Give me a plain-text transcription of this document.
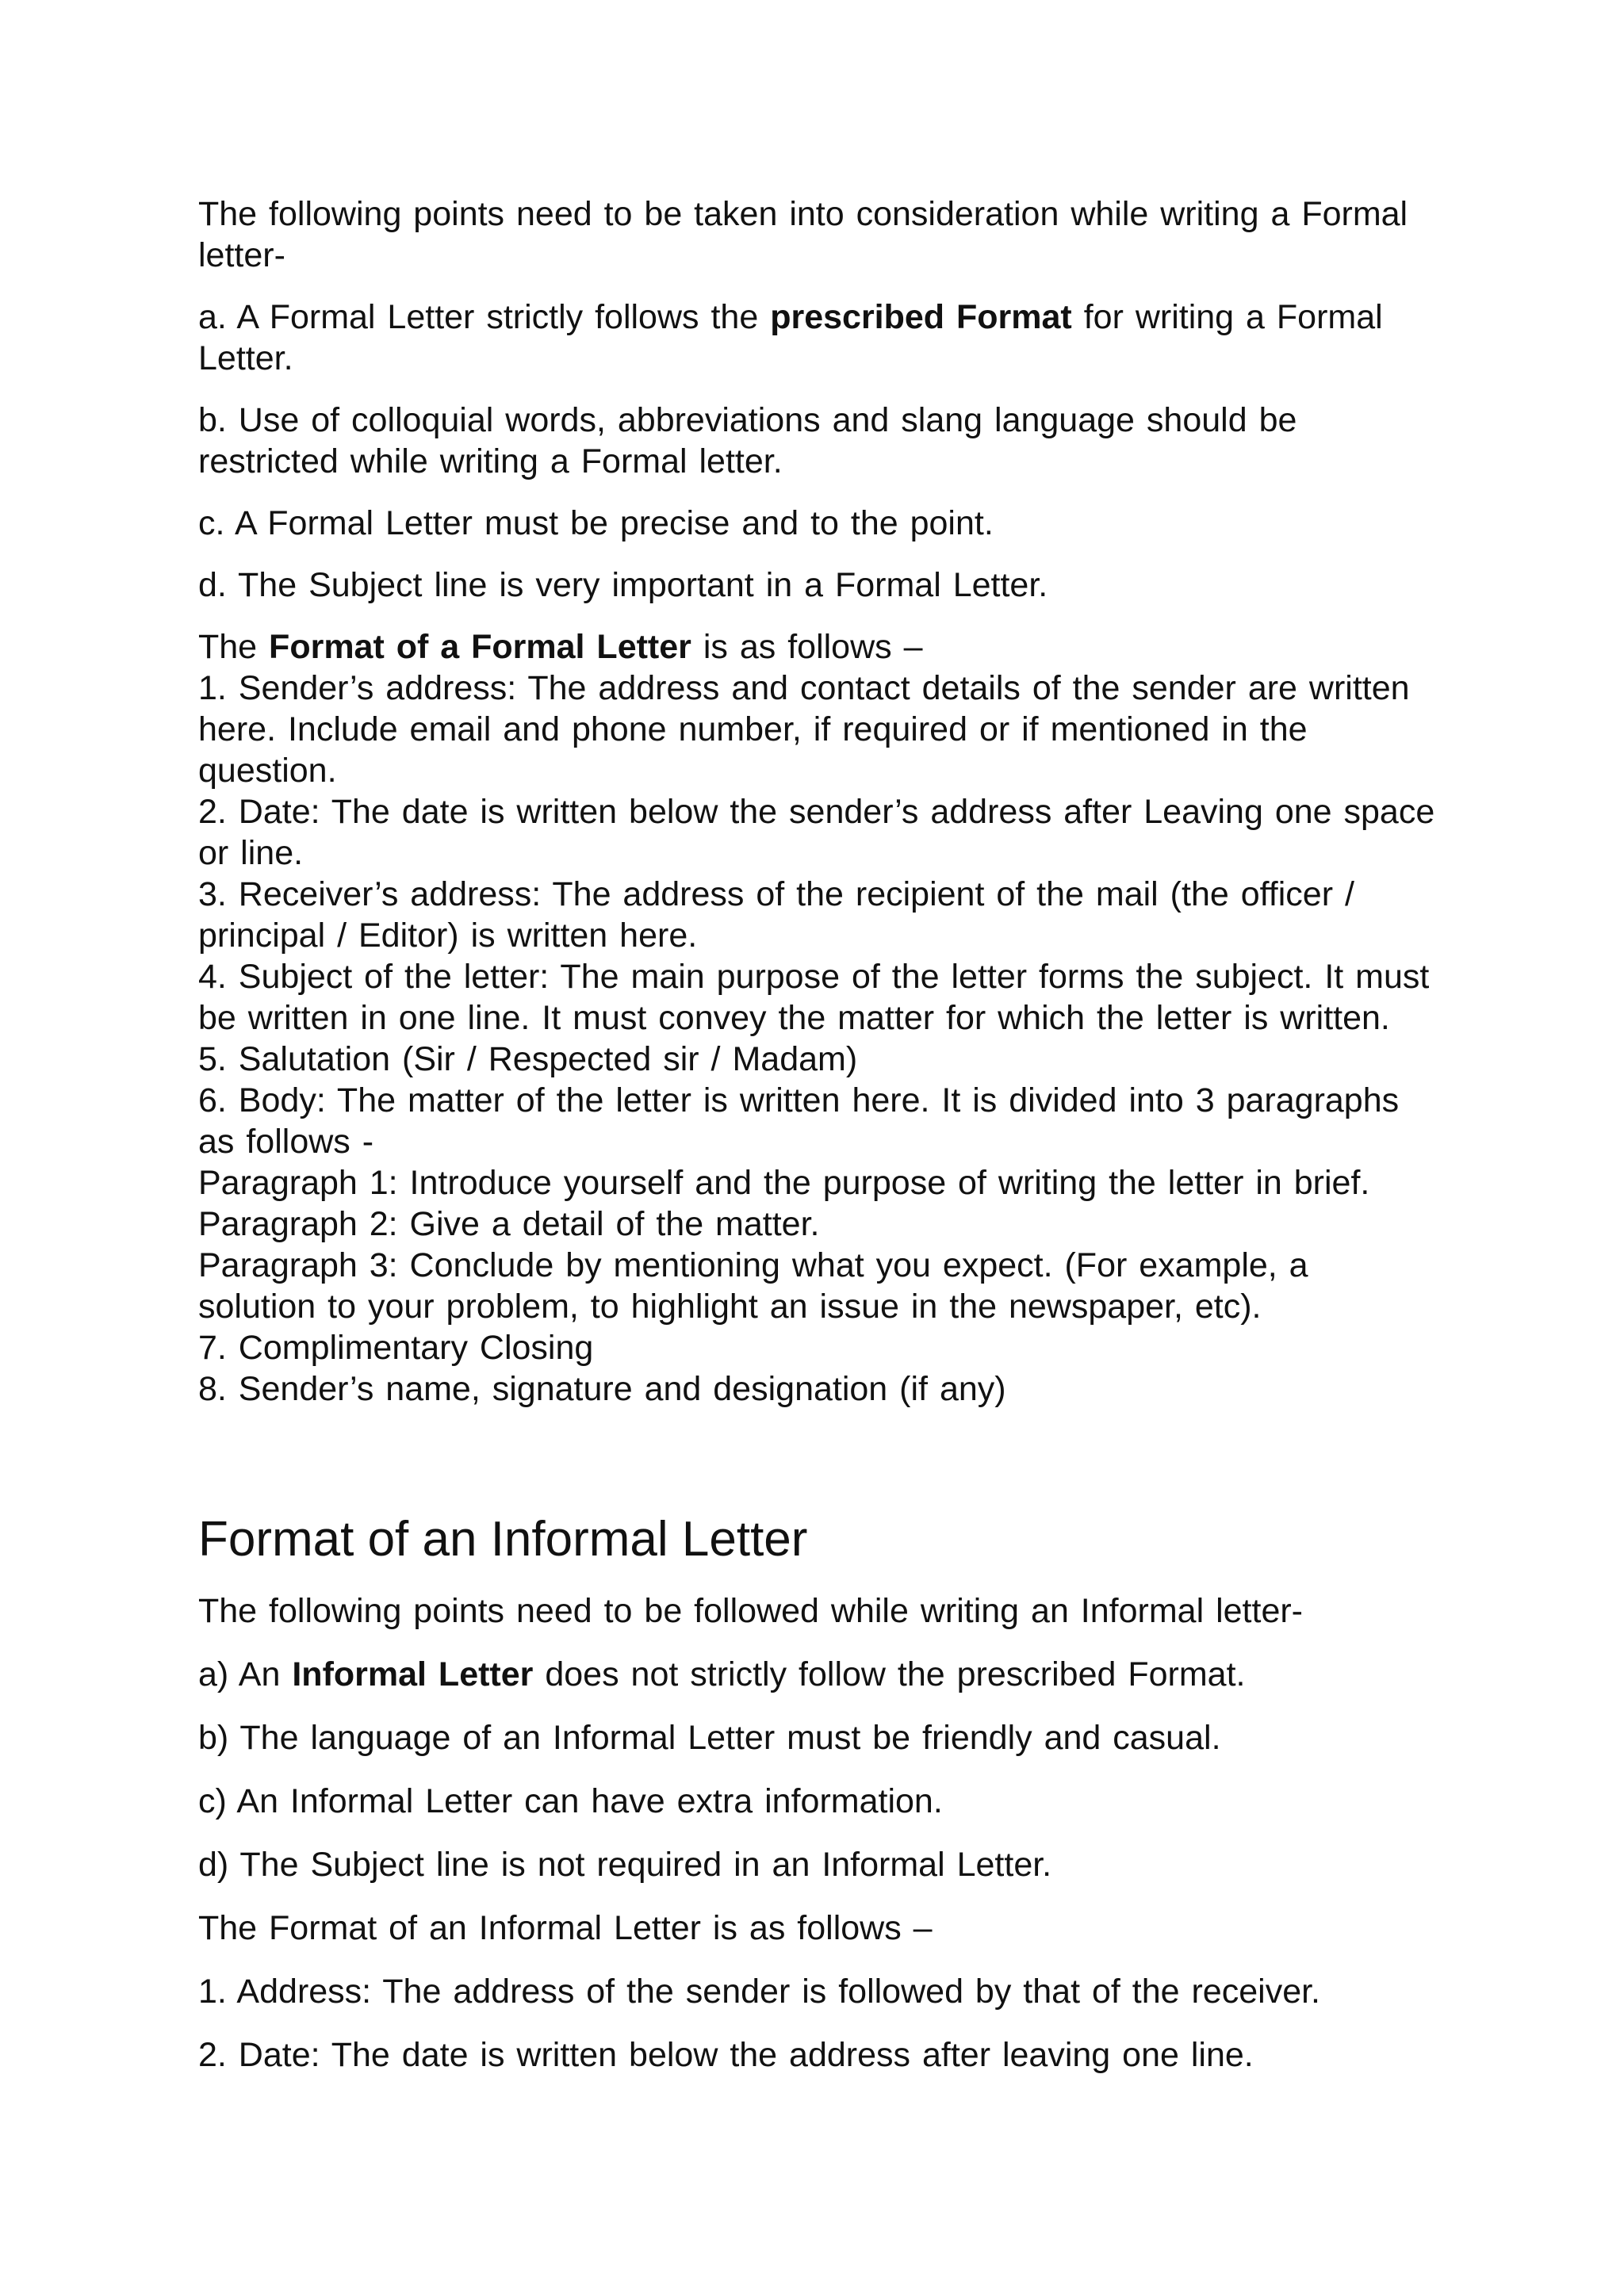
The following points need to be taken into consideration while writing a Formal letter-

a. A Formal Letter strictly follows the prescribed Format for writing a Formal Letter.

b. Use of colloquial words, abbreviations and slang language should be restricted while writing a Formal letter.

c. A Formal Letter must be precise and to the point.

d. The Subject line is very important in a Formal Letter.

The Format of a Formal Letter is as follows –

1. Sender’s address: The address and contact details of the sender are written here. Include email and phone number, if required or if mentioned in the question.

2. Date: The date is written below the sender’s address after Leaving one space or line.

3. Receiver’s address: The address of the recipient of the mail (the officer / principal / Editor) is written here.

4. Subject of the letter: The main purpose of the letter forms the subject. It must be written in one line. It must convey the matter for which the letter is written.

5. Salutation (Sir / Respected sir / Madam)

6. Body: The matter of the letter is written here. It is divided into 3 paragraphs as follows -

Paragraph 1: Introduce yourself and the purpose of writing the letter in brief.

Paragraph 2: Give a detail of the matter.

Paragraph 3: Conclude by mentioning what you expect. (For example, a solution to your problem, to highlight an issue in the newspaper, etc).

7. Complimentary Closing

8. Sender’s name, signature and designation (if any)

Format of an Informal Letter

The following points need to be followed while writing an Informal letter-

a) An Informal Letter does not strictly follow the prescribed Format.

b) The language of an Informal Letter must be friendly and casual.

c) An Informal Letter can have extra information.

d) The Subject line is not required in an Informal Letter.

The Format of an Informal Letter is as follows –

1. Address: The address of the sender is followed by that of the receiver.

2. Date: The date is written below the address after leaving one line.
